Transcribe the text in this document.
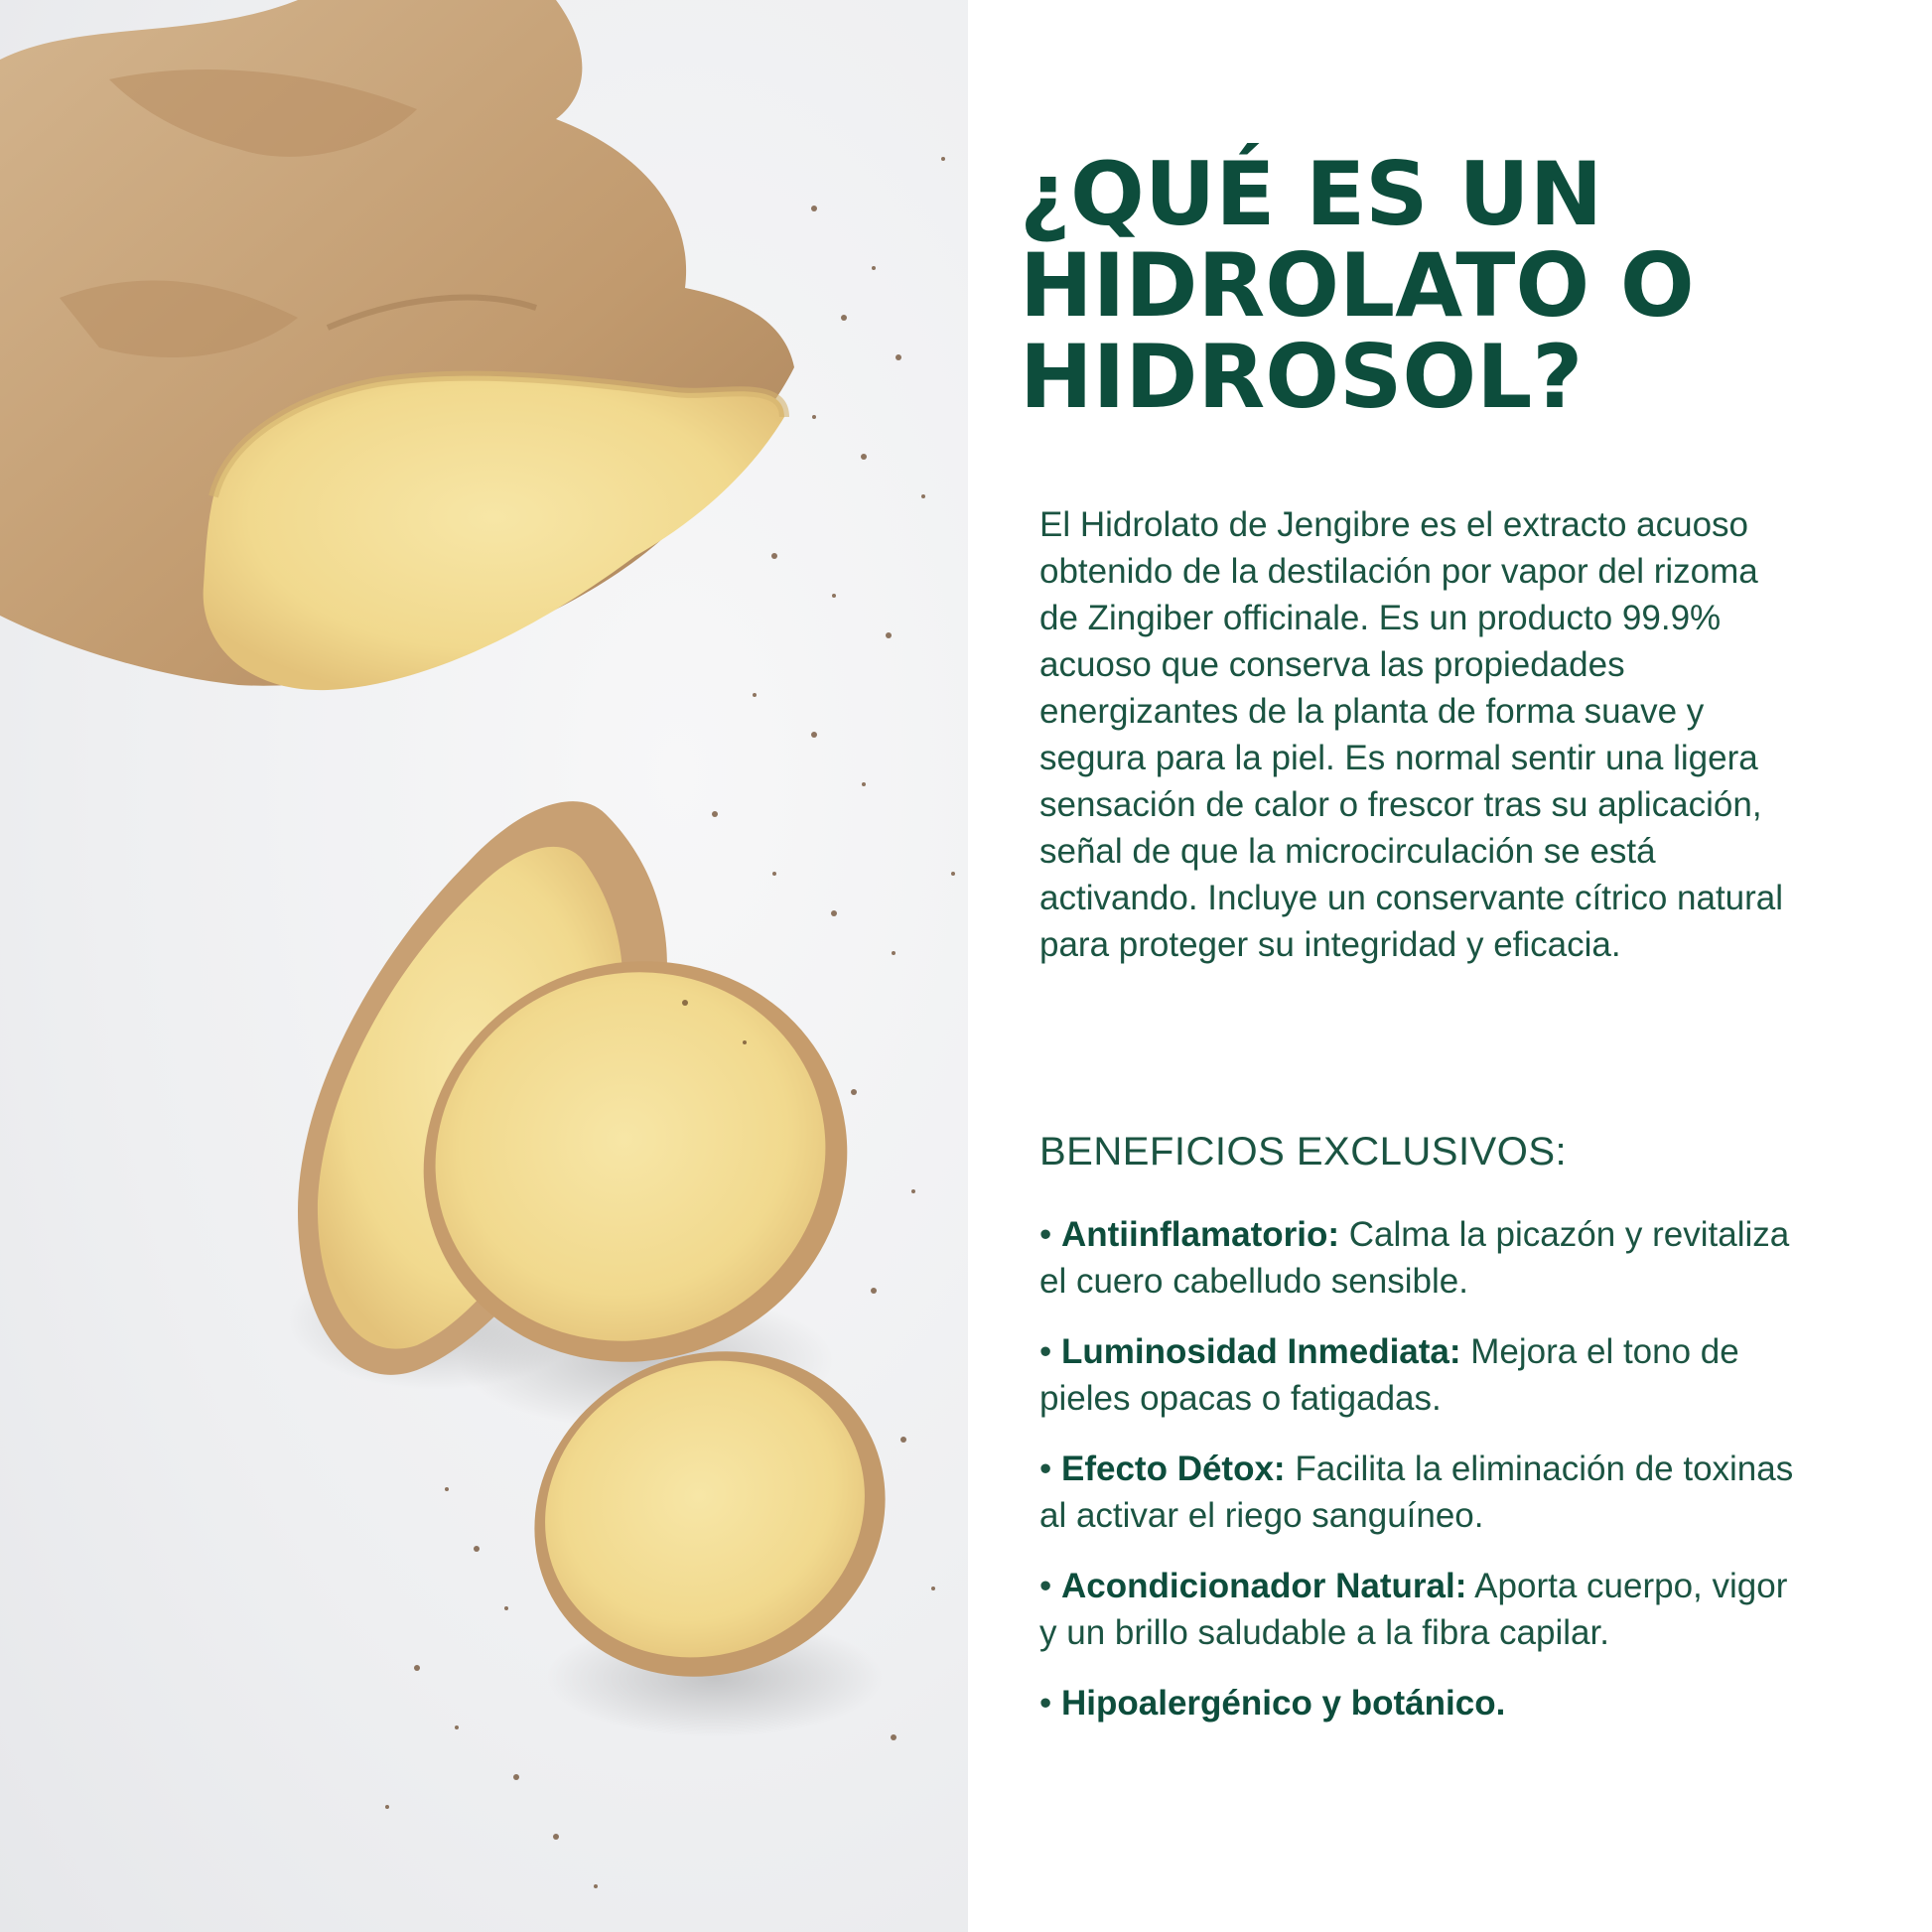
¿QUÉ ES UN
HIDROLATO O
HIDROSOL?

El Hidrolato de Jengibre es el extracto acuoso obtenido de la destilación por vapor del rizoma de Zingiber officinale. Es un producto 99.9% acuoso que conserva las propiedades energizantes de la planta de forma suave y segura para la piel. Es normal sentir una ligera sensación de calor o frescor tras su aplicación, señal de que la microcirculación se está activando. Incluye un conservante cítrico natural para proteger su integridad y eficacia.

BENEFICIOS EXCLUSIVOS:
• Antiinflamatorio: Calma la picazón y revitaliza el cuero cabelludo sensible.
• Luminosidad Inmediata: Mejora el tono de pieles opacas o fatigadas.
• Efecto Détox: Facilita la eliminación de toxinas al activar el riego sanguíneo.
• Acondicionador Natural: Aporta cuerpo, vigor y un brillo saludable a la fibra capilar.
• Hipoalergénico y botánico.
